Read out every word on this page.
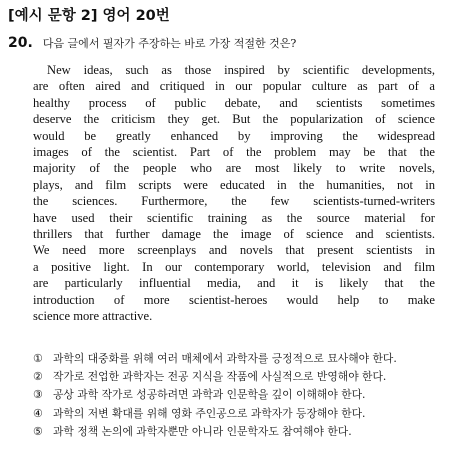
[예시 문항 2] 영어 20번
20. 다음 글에서 필자가 주장하는 바로 가장 적절한 것은?
New ideas, such as those inspired by scientific developments,
are often aired and critiqued in our popular culture as part of a
healthy process of public debate, and scientists sometimes
deserve the criticism they get. But the popularization of science
would be greatly enhanced by improving the widespread
images of the scientist. Part of the problem may be that the
majority of the people who are most likely to write novels,
plays, and film scripts were educated in the humanities, not in
the sciences. Furthermore, the few scientists-turned-writers
have used their scientific training as the source material for
thrillers that further damage the image of science and scientists.
We need more screenplays and novels that present scientists in
a positive light. In our contemporary world, television and film
are particularly influential media, and it is likely that the
introduction of more scientist-heroes would help to make
science more attractive.
① 과학의 대중화를 위해 여러 매체에서 과학자를 긍정적으로 묘사해야 한다.
② 작가로 전업한 과학자는 전공 지식을 작품에 사실적으로 반영해야 한다.
③ 공상 과학 작가로 성공하려면 과학과 인문학을 깊이 이해해야 한다.
④ 과학의 저변 확대를 위해 영화 주인공으로 과학자가 등장해야 한다.
⑤ 과학 정책 논의에 과학자뿐만 아니라 인문학자도 참여해야 한다.
